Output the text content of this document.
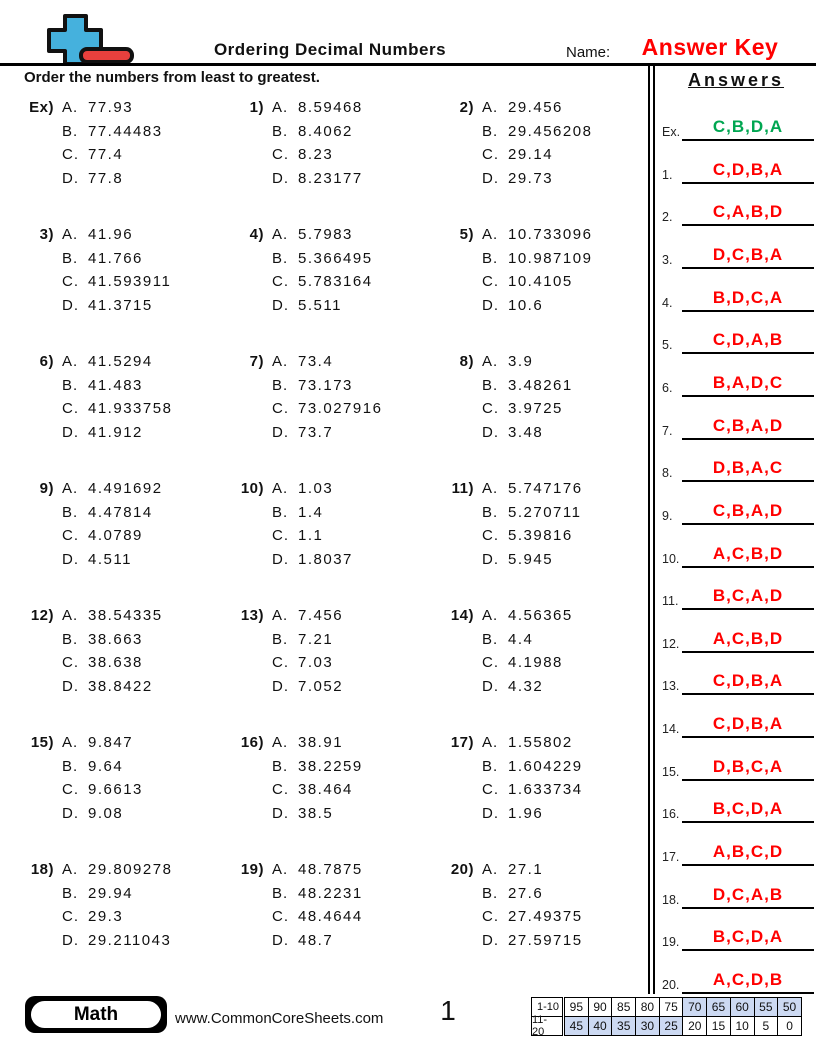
Ordering Decimal Numbers	Name:	Answer Key
Order the numbers from least to greatest.
Ex) A. 77.93
B. 77.44483
C. 77.4
D. 77.8
1) A. 8.59468
B. 8.4062
C. 8.23
D. 8.23177
2) A. 29.456
B. 29.456208
C. 29.14
D. 29.73
3) A. 41.96
B. 41.766
C. 41.593911
D. 41.3715
4) A. 5.7983
B. 5.366495
C. 5.783164
D. 5.511
5) A. 10.733096
B. 10.987109
C. 10.4105
D. 10.6
6) A. 41.5294
B. 41.483
C. 41.933758
D. 41.912
7) A. 73.4
B. 73.173
C. 73.027916
D. 73.7
8) A. 3.9
B. 3.48261
C. 3.9725
D. 3.48
9) A. 4.491692
B. 4.47814
C. 4.0789
D. 4.511
10) A. 1.03
B. 1.4
C. 1.1
D. 1.8037
11) A. 5.747176
B. 5.270711
C. 5.39816
D. 5.945
12) A. 38.54335
B. 38.663
C. 38.638
D. 38.8422
13) A. 7.456
B. 7.21
C. 7.03
D. 7.052
14) A. 4.56365
B. 4.4
C. 4.1988
D. 4.32
15) A. 9.847
B. 9.64
C. 9.6613
D. 9.08
16) A. 38.91
B. 38.2259
C. 38.464
D. 38.5
17) A. 1.55802
B. 1.604229
C. 1.633734
D. 1.96
18) A. 29.809278
B. 29.94
C. 29.3
D. 29.211043
19) A. 48.7875
B. 48.2231
C. 48.4644
D. 48.7
20) A. 27.1
B. 27.6
C. 27.49375
D. 27.59715
Answers
Ex.	C,B,D,A
1.	C,D,B,A
2.	C,A,B,D
3.	D,C,B,A
4.	B,D,C,A
5.	C,D,A,B
6.	B,A,D,C
7.	C,B,A,D
8.	D,B,A,C
9.	C,B,A,D
10.	A,C,B,D
11.	B,C,A,D
12.	A,C,B,D
13.	C,D,B,A
14.	C,D,B,A
15.	D,B,C,A
16.	B,C,D,A
17.	A,B,C,D
18.	D,C,A,B
19.	B,C,D,A
20.	A,C,D,B
Math	www.CommonCoreSheets.com	1	1-10 95 90 85 80 75 70 65 60 55 50
11-20	45 40 35 30 25 20 15 10	5	0
